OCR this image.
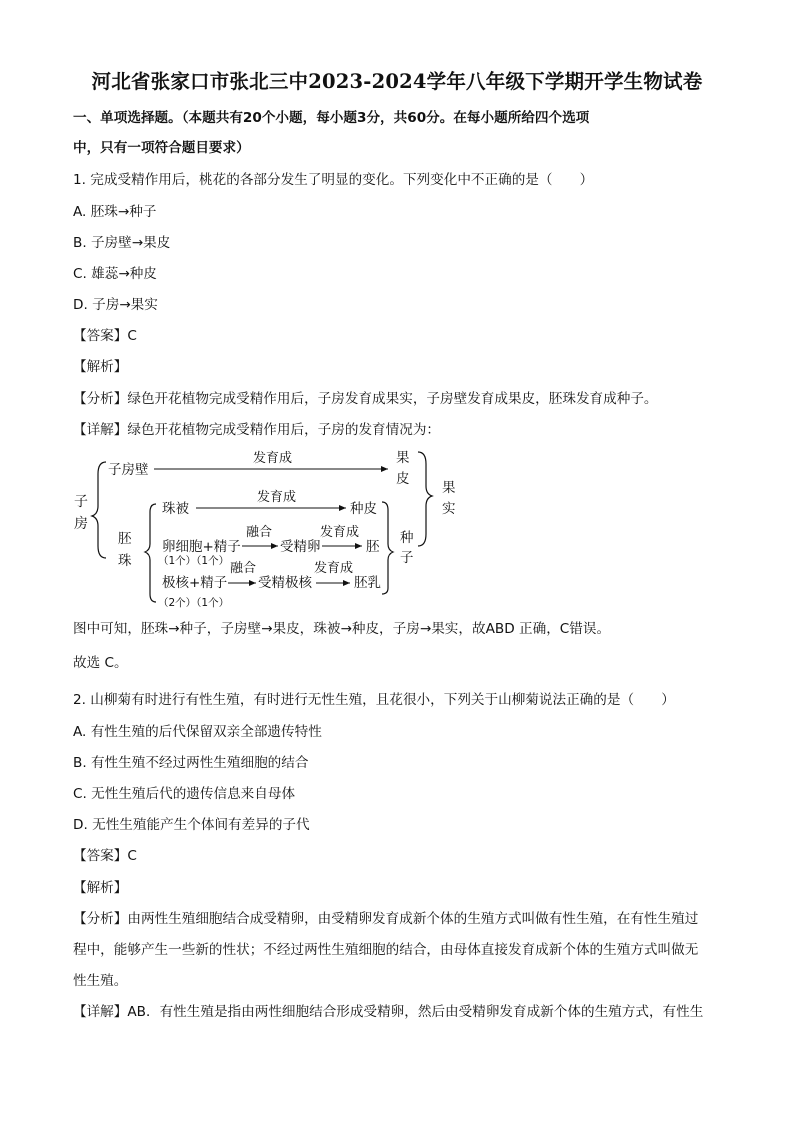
河北省张家口市张北三中2023-2024学年八年级下学期开学生物试卷
一、单项选择题。（本题共有20个小题，每小题3分，共60分。在每小题所给四个选项
中，只有一项符合题目要求）
1. 完成受精作用后，桃花的各部分发生了明显的变化。下列变化中不正确的是（　　）
A. 胚珠→种子
B. 子房壁→果皮
C. 雄蕊→种皮
D. 子房→果实
【答案】C
【解析】
【分析】绿色开花植物完成受精作用后，子房发育成果实，子房壁发育成果皮，胚珠发育成种子。
【详解】绿色开花植物完成受精作用后，子房的发育情况为：
子
房
子房壁
发育成	果
皮
胚
珠
珠被
发育成
种皮
卵细胞+精子
融合
受精卵
发育成
胚
（1个）（1个）
极核+精子
融合
受精极核
发育成
胚乳
（2个）（1个）
种
子
果
实
图中可知，胚珠→种子，子房壁→果皮，珠被→种皮，子房→果实，故ABD 正确，C错误。
故选 C。
2. 山柳菊有时进行有性生殖，有时进行无性生殖，且花很小，下列关于山柳菊说法正确的是（　　）
A. 有性生殖的后代保留双亲全部遗传特性
B. 有性生殖不经过两性生殖细胞的结合
C. 无性生殖后代的遗传信息来自母体
D. 无性生殖能产生个体间有差异的子代
【答案】C
【解析】
【分析】由两性生殖细胞结合成受精卵，由受精卵发育成新个体的生殖方式叫做有性生殖，在有性生殖过
程中，能够产生一些新的性状；不经过两性生殖细胞的结合，由母体直接发育成新个体的生殖方式叫做无
性生殖。
【详解】AB．有性生殖是指由两性细胞结合形成受精卵，然后由受精卵发育成新个体的生殖方式，有性生
